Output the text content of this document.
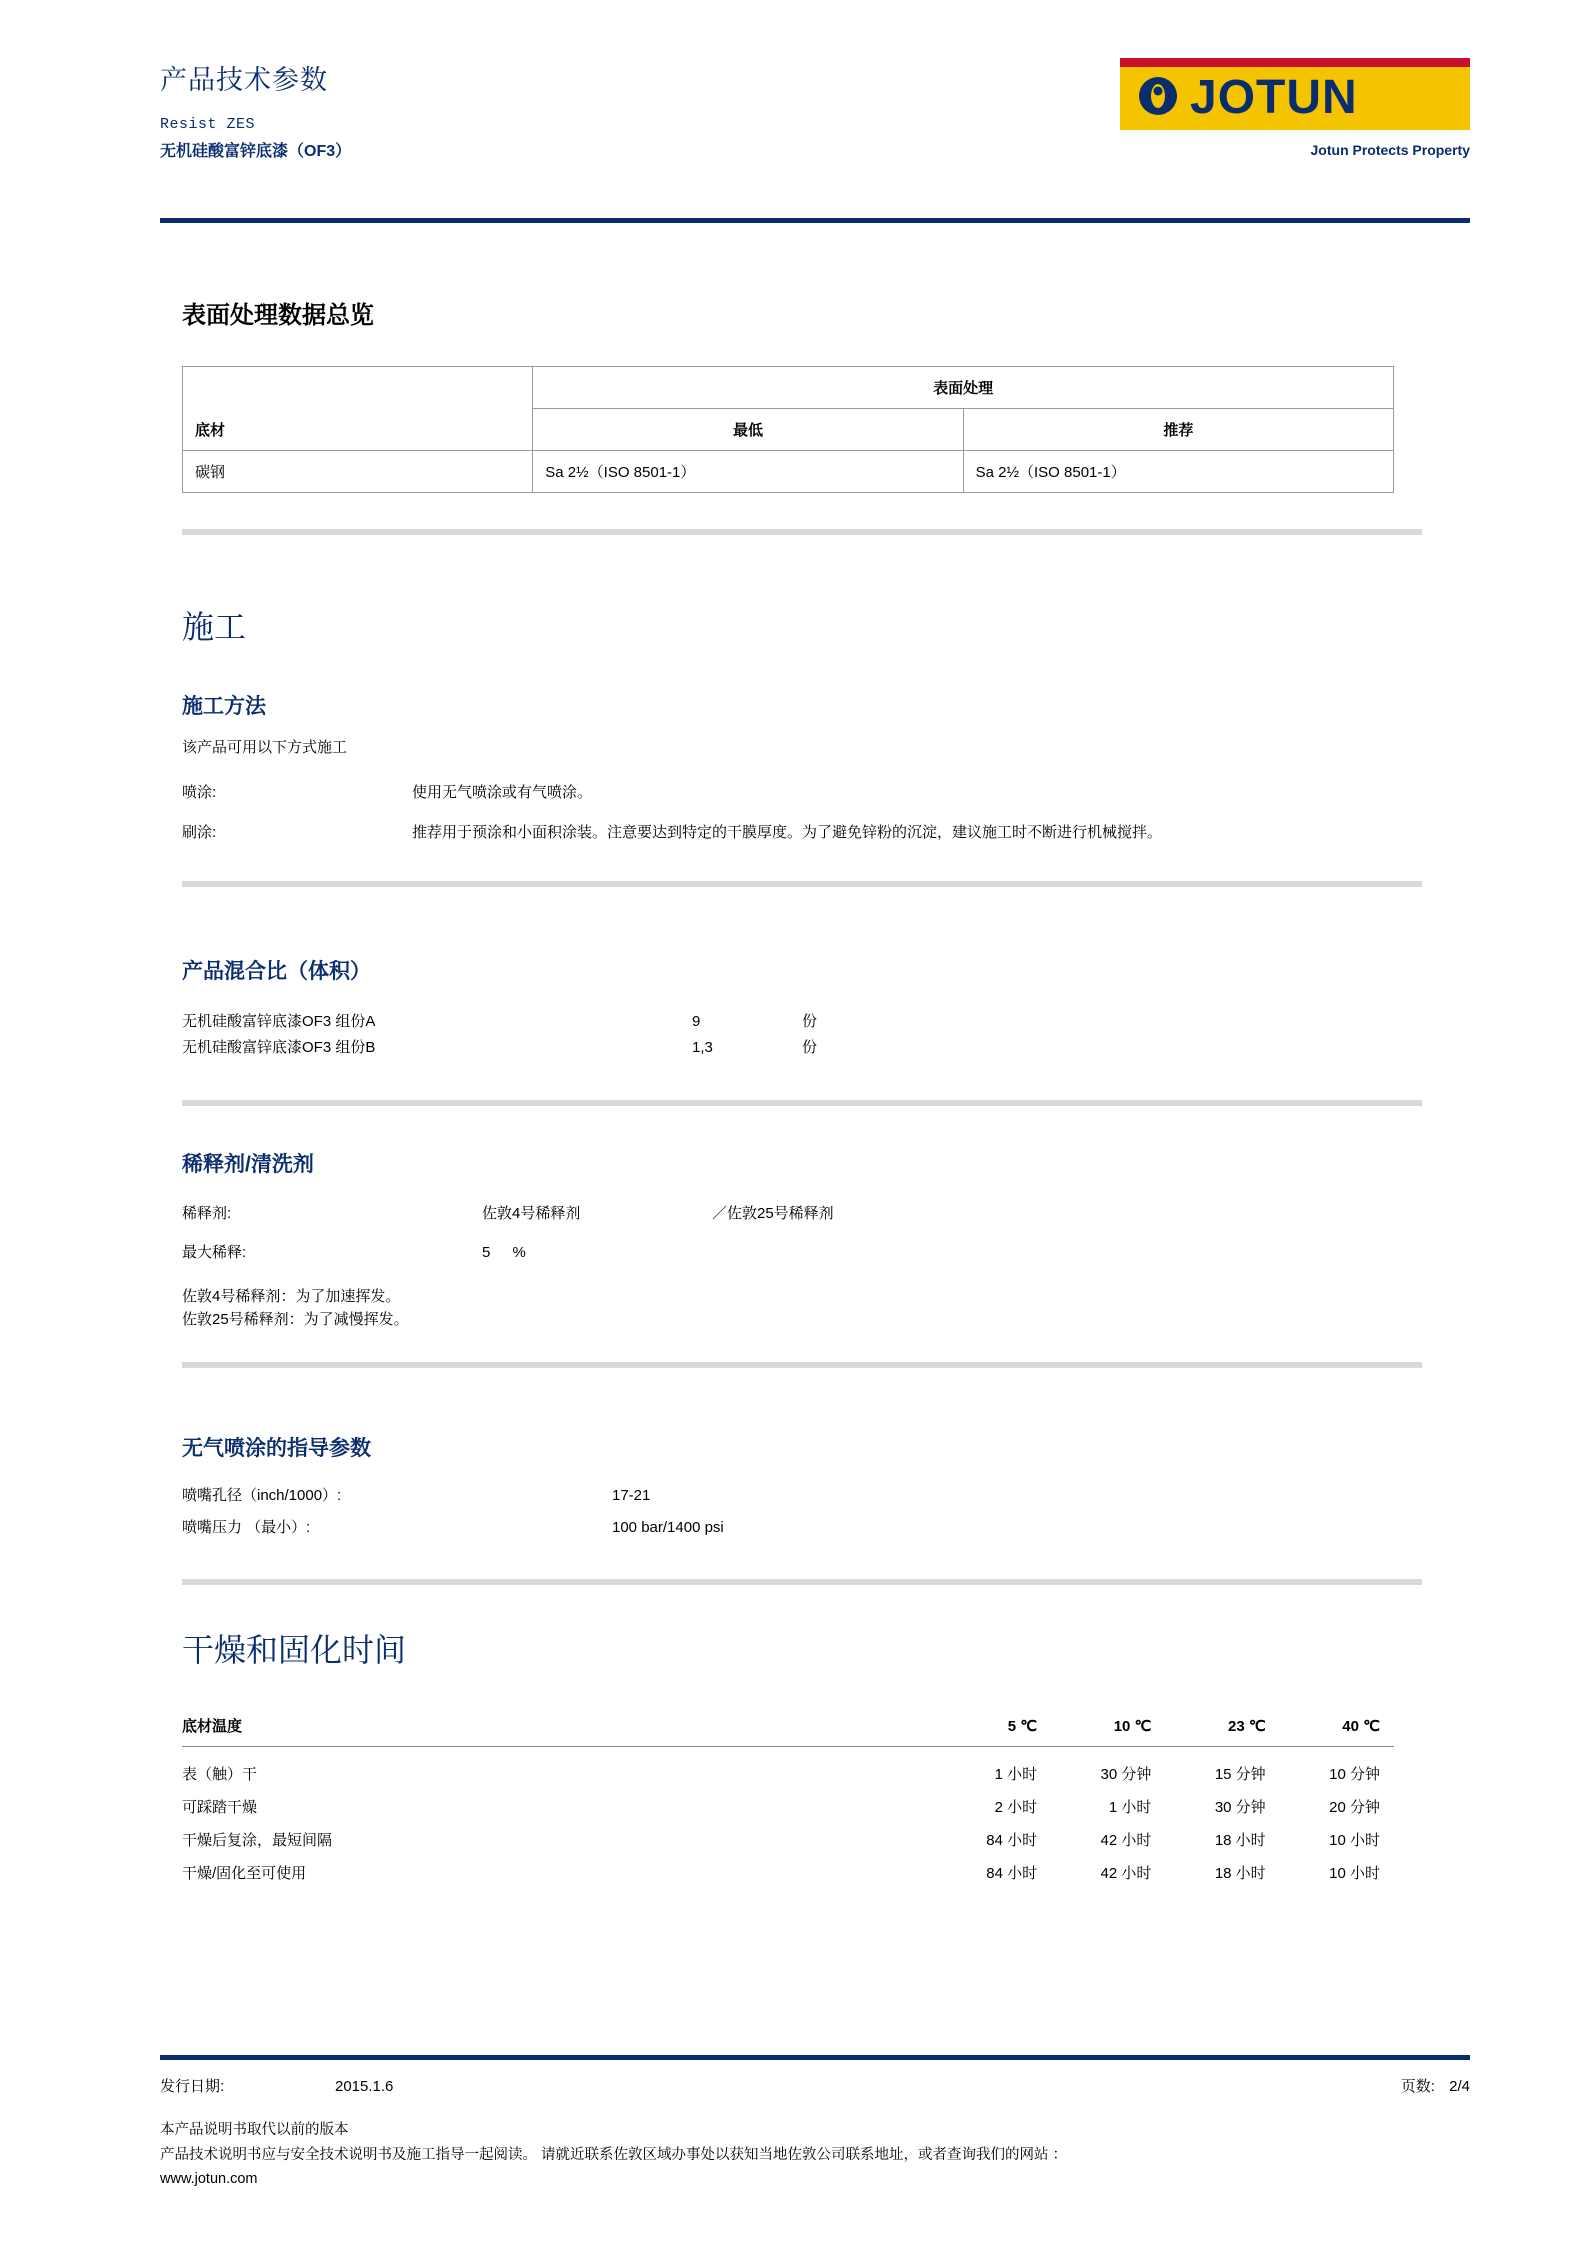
产品技术参数
Resist ZES
无机硅酸富锌底漆（OF3）
JOTUN
Jotun Protects Property
表面处理数据总览
	表面处理	
底材	最低	推荐
碳钢	Sa 2½（ISO 8501-1）	Sa 2½（ISO 8501-1）
施工
施工方法
该产品可用以下方式施工
喷涂:	使用无气喷涂或有气喷涂。
刷涂:	推荐用于预涂和小面积涂装。注意要达到特定的干膜厚度。为了避免锌粉的沉淀，建议施工时不断进行机械搅拌。
产品混合比（体积）
无机硅酸富锌底漆OF3 组份A	9	份
无机硅酸富锌底漆OF3 组份B	1,3	份
稀释剂/清洗剂
稀释剂:	佐敦4号稀释剂	／佐敦25号稀释剂
最大稀释:	5 %
佐敦4号稀释剂：为了加速挥发。
佐敦25号稀释剂：为了减慢挥发。
无气喷涂的指导参数
喷嘴孔径（inch/1000）:	17-21
喷嘴压力 （最小）:	100 bar/1400 psi
干燥和固化时间
底材温度	5 ℃	10 ℃	23 ℃	40 ℃
表（触）干	1 小时	30 分钟	15 分钟	10 分钟
可踩踏干燥	2 小时	1 小时	30 分钟	20 分钟
干燥后复涂，最短间隔	84 小时	42 小时	18 小时	10 小时
干燥/固化至可使用	84 小时	42 小时	18 小时	10 小时
发行日期:	2015.1.6	页数: 2/4
本产品说明书取代以前的版本
产品技术说明书应与安全技术说明书及施工指导一起阅读。 请就近联系佐敦区域办事处以获知当地佐敦公司联系地址，或者查询我们的网站 ：
www.jotun.com
